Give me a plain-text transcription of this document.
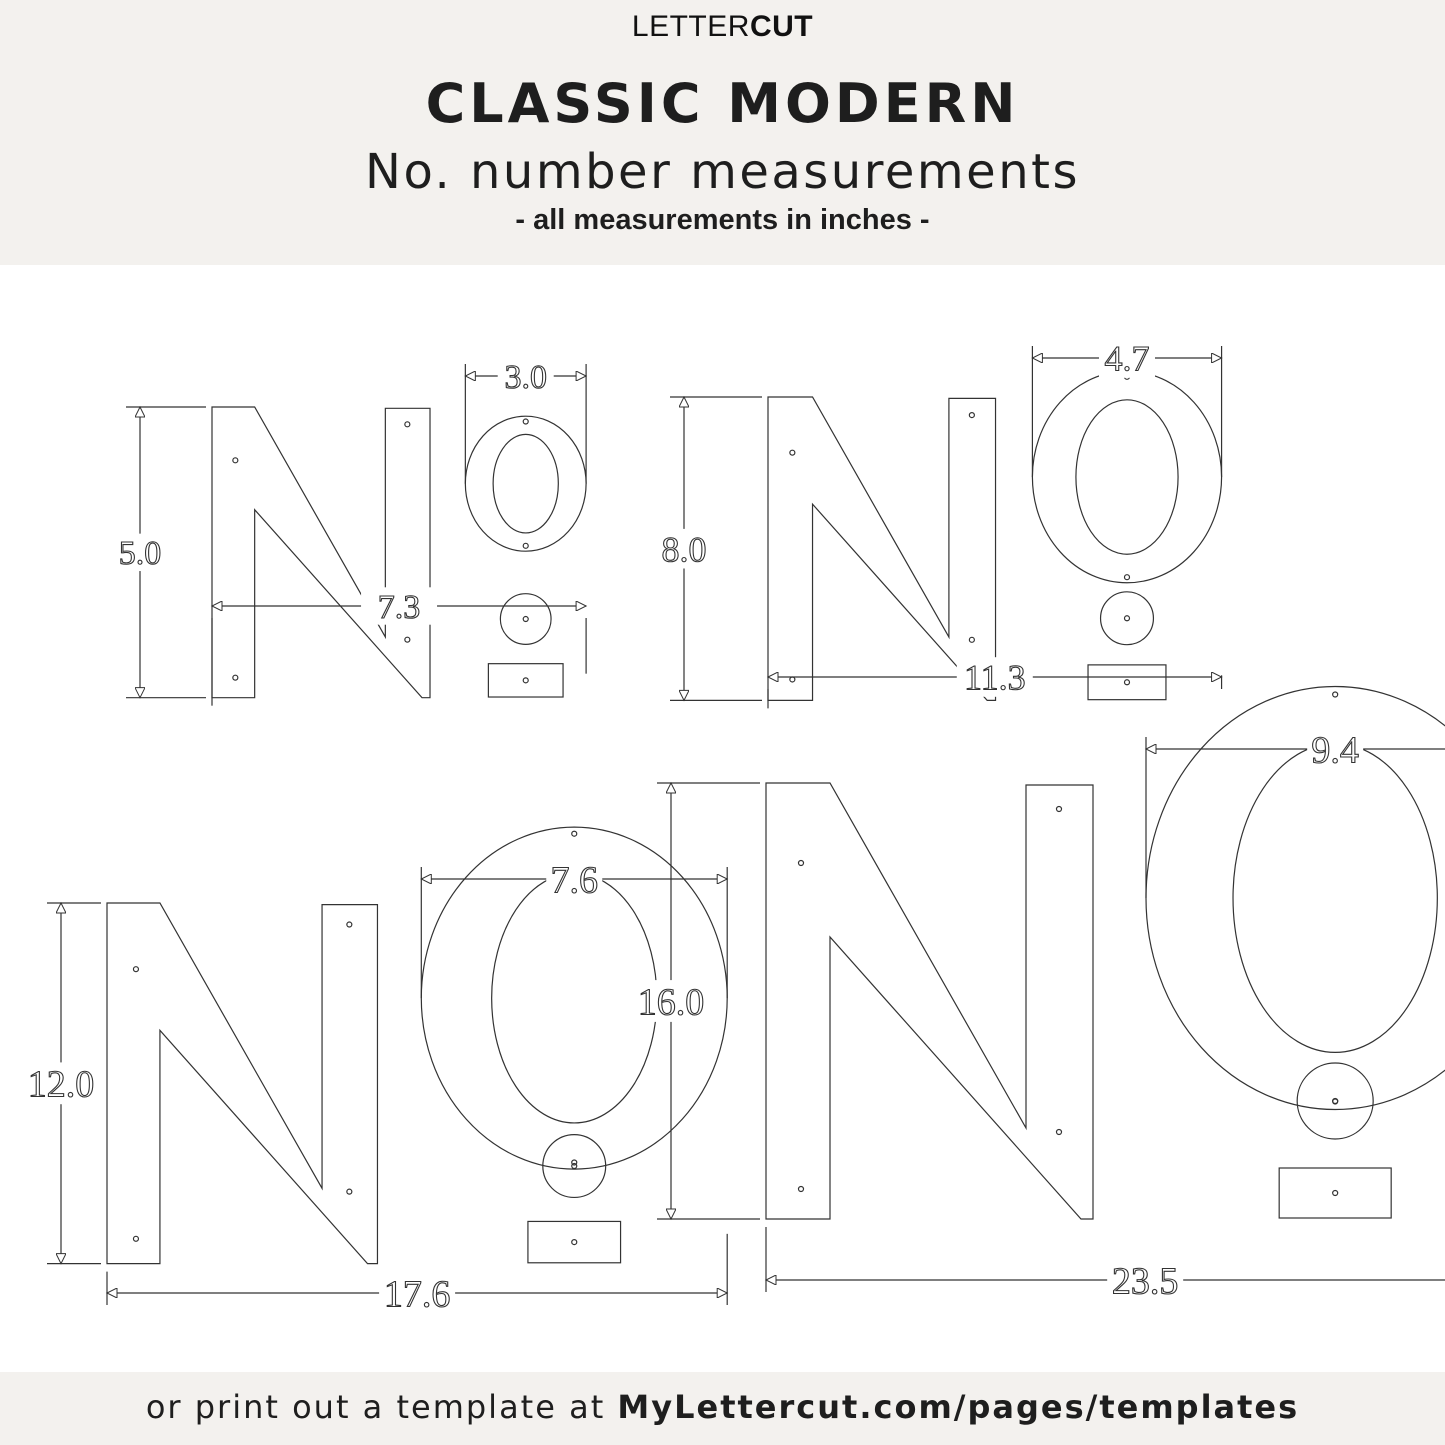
LETTERCUT
CLASSIC MODERN
No. number measurements
- all measurements in inches -
5.0
7.3
3.0
8.0
11.3
4.7
12.0
17.6
7.6
16.0
23.5
9.4
or print out a template at MyLettercut.com/pages/templates
